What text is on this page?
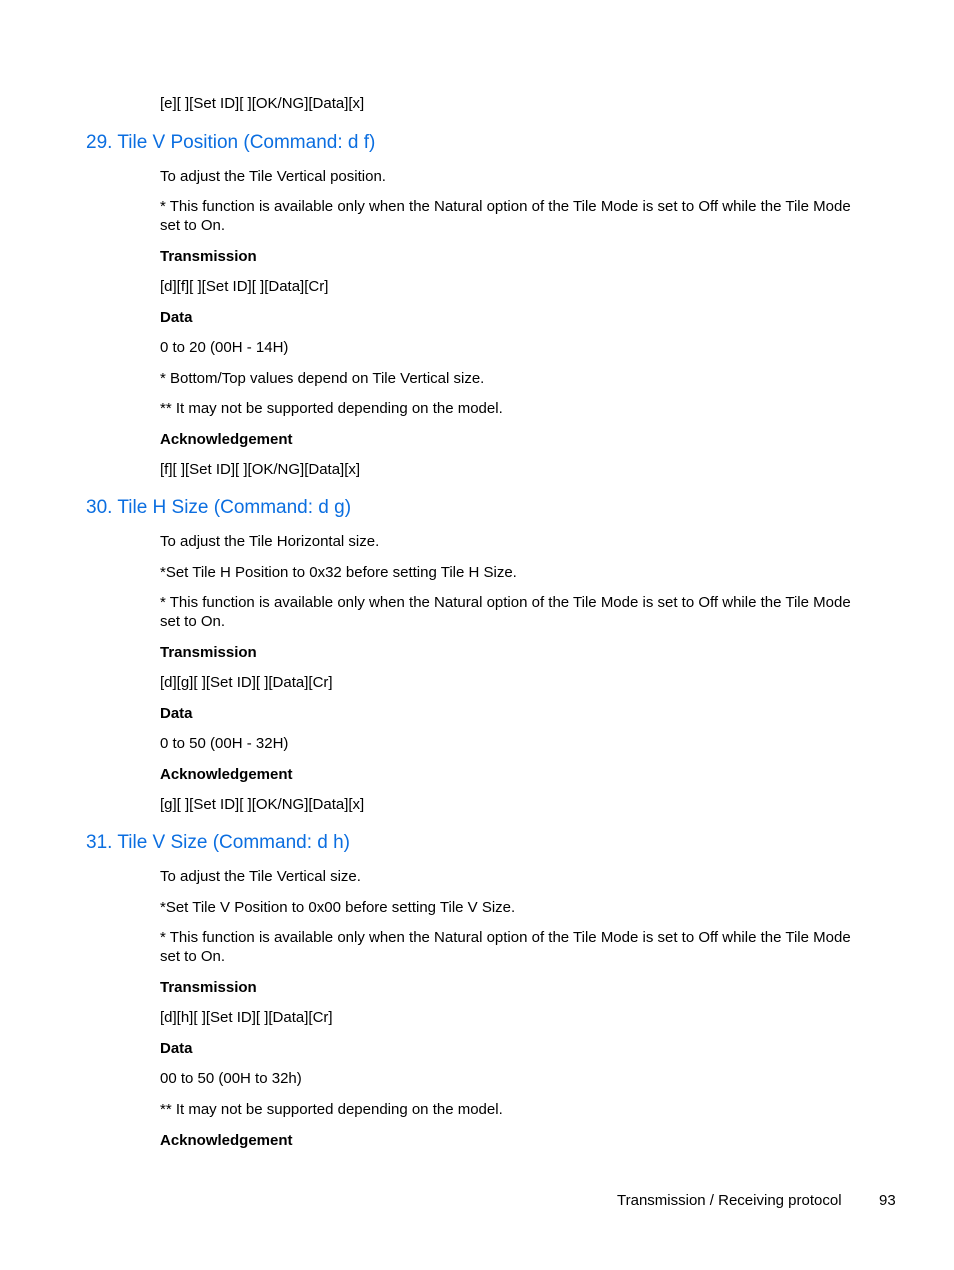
[e][ ][Set ID][ ][OK/NG][Data][x]
29. Tile V Position (Command: d f)
To adjust the Tile Vertical position.
* This function is available only when the Natural option of the Tile Mode is set to Off while the Tile Mode set to On.
Transmission
[d][f][ ][Set ID][ ][Data][Cr]
Data
0 to 20 (00H - 14H)
* Bottom/Top values depend on Tile Vertical size.
** It may not be supported depending on the model.
Acknowledgement
[f][ ][Set ID][ ][OK/NG][Data][x]
30. Tile H Size (Command: d g)
To adjust the Tile Horizontal size.
*Set Tile H Position to 0x32 before setting Tile H Size.
* This function is available only when the Natural option of the Tile Mode is set to Off while the Tile Mode set to On.
Transmission
[d][g][ ][Set ID][ ][Data][Cr]
Data
0 to 50 (00H - 32H)
Acknowledgement
[g][ ][Set ID][ ][OK/NG][Data][x]
31. Tile V Size (Command: d h)
To adjust the Tile Vertical size.
*Set Tile V Position to 0x00 before setting Tile V Size.
* This function is available only when the Natural option of the Tile Mode is set to Off while the Tile Mode set to On.
Transmission
[d][h][ ][Set ID][ ][Data][Cr]
Data
00 to 50 (00H to 32h)
** It may not be supported depending on the model.
Acknowledgement
Transmission / Receiving protocol 93
